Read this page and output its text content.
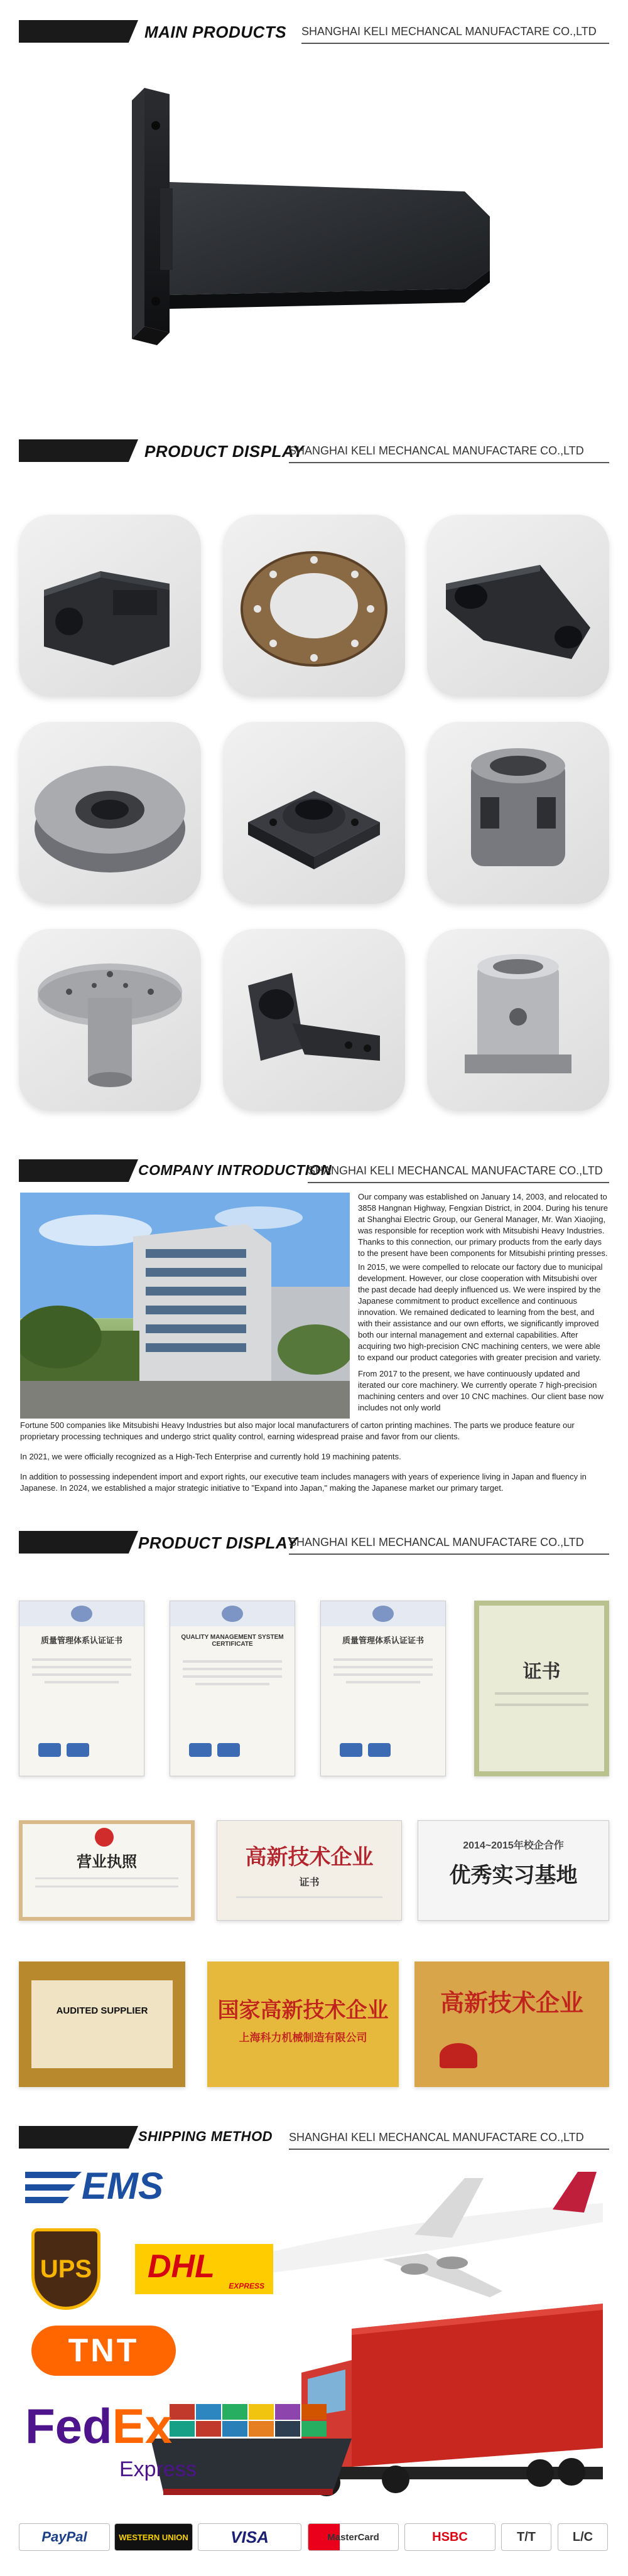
MAIN PRODUCTS SHANGHAI KELI MECHANCAL MANUFACTARE CO.,LTD
PRODUCT DISPLAY
SHANGHAI KELI MECHANCAL MANUFACTARE CO.,LTD
COMPANY INTRODUCTION
SHANGHAI KELI MECHANCAL MANUFACTARE CO.,LTD
Our company was established on January 14, 2003, and relocated to 3858 Hangnan Highway, Fengxian District, in 2004. During his tenure at Shanghai Electric Group, our General Manager, Mr. Wan Xiaojing, was responsible for reception work with Mitsubishi Heavy Industries. Thanks to this connection, our primary products from the early days to the present have been components for Mitsubishi printing presses.
In 2015, we were compelled to relocate our factory due to municipal development. However, our close cooperation with Mitsubishi over the past decade had deeply influenced us. We were inspired by the Japanese commitment to product excellence and continuous innovation. We remained dedicated to learning from the best, and with their assistance and our own efforts, we significantly improved both our internal management and external capabilities. After acquiring two high-precision CNC machining centers, we were able to expand our product categories with greater precision and variety.
From 2017 to the present, we have continuously updated and iterated our core machinery. We currently operate 7 high-precision machining centers and over 10 CNC machines. Our client base now includes not only world
Fortune 500 companies like Mitsubishi Heavy Industries but also major local manufacturers of carton printing machines. The parts we produce feature our proprietary processing techniques and undergo strict quality control, earning widespread praise and favor from our clients.
In 2021, we were officially recognized as a High-Tech Enterprise and currently hold 19 machining patents.
In addition to possessing independent import and export rights, our executive team includes managers with years of experience living in Japan and fluency in Japanese. In 2024, we established a major strategic initiative to "Expand into Japan," making the Japanese market our primary target.
PRODUCT DISPLAY
SHANGHAI KELI MECHANCAL MANUFACTARE CO.,LTD
质量管理体系认证证书	QUALITY MANAGEMENT SYSTEM CERTIFICATE	质量管理体系认证证书
证书
营业执照	高新技术企业
证书
2014~2015年校企合作
优秀实习基地
AUDITED SUPPLIER	国家高新技术企业
上海科力机械制造有限公司
高新技术企业
SHIPPING METHOD SHANGHAI KELI MECHANCAL MANUFACTARE CO.,LTD
EMS
UPS DHL
EXPRESS
TNT
FedEx
Express
PayPal	WESTERN UNION	VISA	MasterCard	HSBC	T/T	L/C
